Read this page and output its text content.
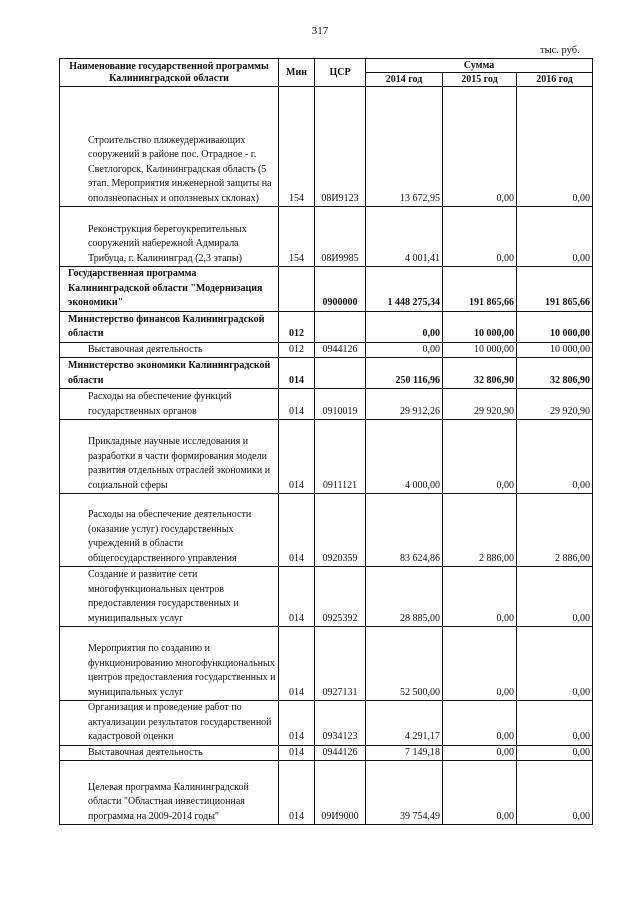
317
тыс. руб.
Наименование государственной программы Калининградской области	Мин	ЦСР	Сумма		
			2014 год	2015 год	2016 год

Строительство пляжеудерживающих сооружений в районе пос. Отрадное - г. Светлогорск, Калининградская область (5 этап. Мероприятия инженерной защиты на оползнеопасных и оползневых склонах)	154	08И9123	13 672,95	0,00	0,00

Реконструкция берегоукрепительных сооружений набережной Адмирала Трибуца, г. Калининград (2,3 этапы)	154	08И9985	4 001,41	0,00	0,00

Государственная программа Калининградской области "Модернизация экономики"		0900000	1 448 275,34	191 865,66	191 865,66

Министерство финансов Калининградской области	012		0,00	10 000,00	10 000,00

Выставочная деятельность	012	0944126	0,00	10 000,00	10 000,00

Министерство экономики Калининградской области	014		250 116,96	32 806,90	32 806,90

Расходы на обеспечение функций государственных органов	014	0910019	29 912,26	29 920,90	29 920,90

Прикладные научные исследования и разработки в части формирования модели развития отдельных отраслей экономики и социальной сферы	014	0911121	4 000,00	0,00	0,00

Расходы на обеспечение деятельности (оказание услуг) государственных учреждений в области общегосударственного управления	014	0920359	83 624,86	2 886,00	2 886,00

Создание и развитие сети многофункциональных центров предоставления государственных и муниципальных услуг	014	0925392	28 885,00	0,00	0,00

Мероприятия по созданию и функционированию многофункциональных центров предоставления государственных и муниципальных услуг	014	0927131	52 500,00	0,00	0,00

Организация и проведение работ по актуализации результатов государственной кадастровой оценки	014	0934123	4 291,17	0,00	0,00

Выставочная деятельность	014	0944126	7 149,18	0,00	0,00

Целевая программа Калининградской области "Областная инвестиционная программа на 2009-2014 годы"	014	09И9000	39 754,49	0,00	0,00
